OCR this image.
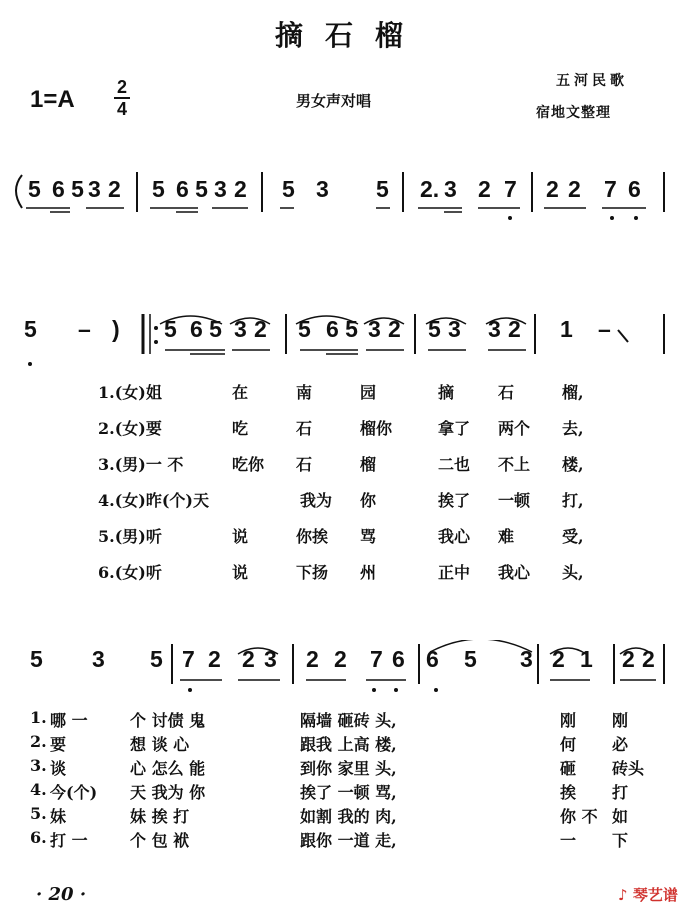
摘石榴
1=A 2
4	男女声对唱
五河民歌
宿地文整理
5 6 5 3 2 5 6 5 3 2 5 3 5 2. 3 2 7 2 2 7 6
5 – ) 5 6 5 3 2 5 6 5 3 2 5 3 3 2 1 –
5 3 5 7 2 2 3 2 2 7 6 6 5 3 2 1 2 2
1.(女)姐	在	南	园	摘	石	榴,
2.(女)要	吃	石	榴你	拿了 两个 去,
3.(男)一 不	吃你 石	榴	二也 不上 楼,
4.(女)昨(个)天	我为 你	挨了 一顿 打,
5.(男)听	说	你挨 骂	我心 难	受,
6.(女)听	说	下扬 州	正中 我心 头,
1. 哪 一	个 讨债 鬼	隔墙 砸砖 头,	刚 刚
2. 要	想 谈 心	跟我 上高 楼,	何 必
3. 谈	心 怎么 能	到你 家里 头,	砸 砖头
4. 今(个) 天 我为 你	挨了 一顿 骂,	挨 打
5. 妹	妹 挨 打	如割 我的 肉,	你 不 如
6. 打 一	个 包 袱	跟你 一道 走,	一 下
· 20 ·	♪ 琴艺谱
